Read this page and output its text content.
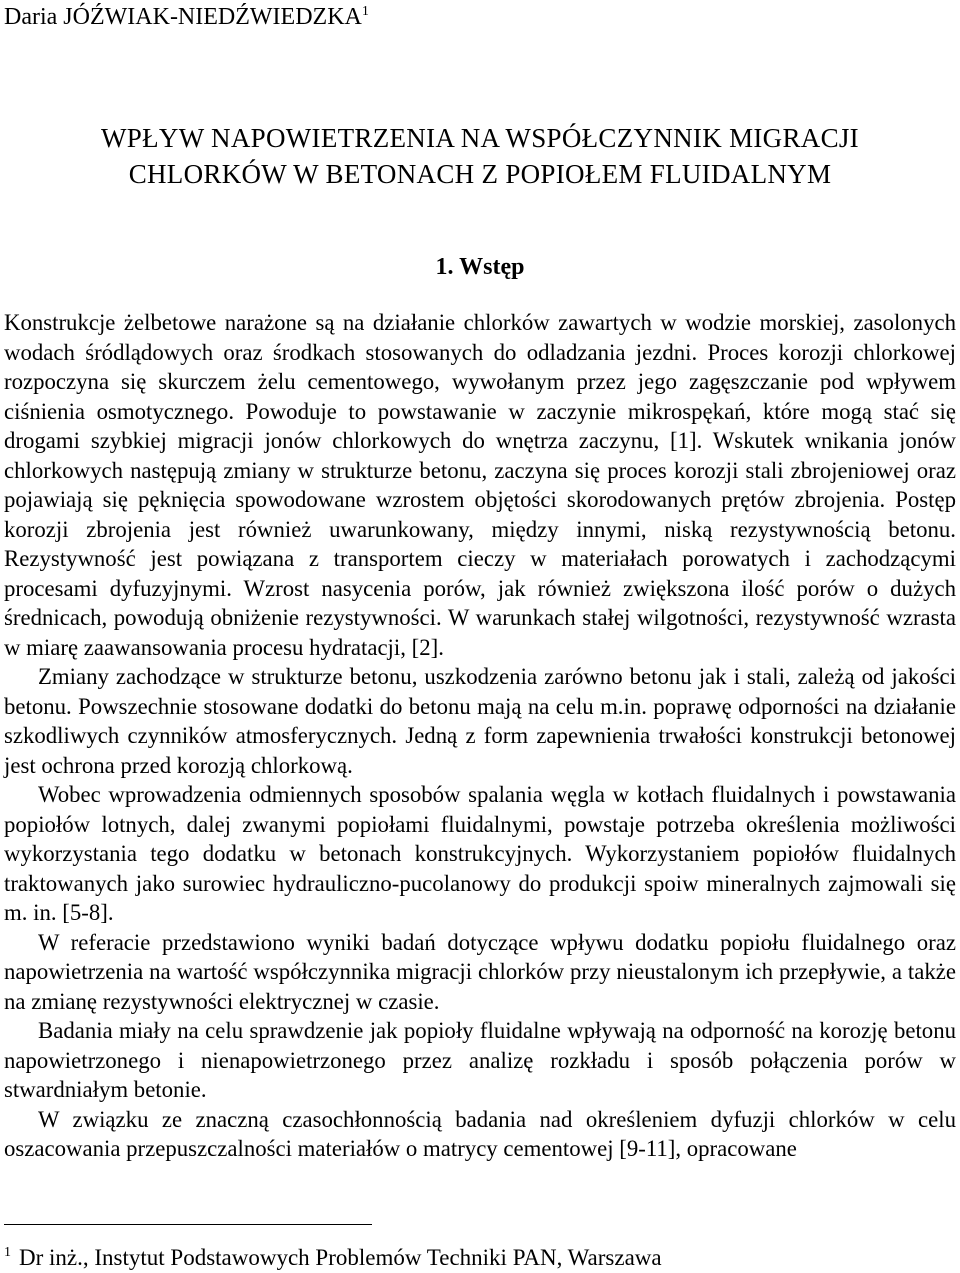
Daria JÓŹWIAK-NIEDŹWIEDZKA$^1$
WPŁYW NAPOWIETRZENIA NA WSPÓŁCZYNNIK MIGRACJI
CHLORKÓW W BETONACH Z POPIOŁEM FLUIDALNYM
1. Wstęp

Konstrukcje żelbetowe narażone są na działanie chlorków zawartych w wodzie morskiej, zasolonych wodach śródlądowych oraz środkach stosowanych do odladzania jezdni. Proces korozji chlorkowej rozpoczyna się skurczem żelu cementowego, wywołanym przez jego zagęszczanie pod wpływem ciśnienia osmotycznego. Powoduje to powstawanie w zaczynie mikrospękań, które mogą stać się drogami szybkiej migracji jonów chlorkowych do wnętrza zaczynu, [1]. Wskutek wnikania jonów chlorkowych następują zmiany w strukturze betonu, zaczyna się proces korozji stali zbrojeniowej oraz pojawiają się pęknięcia spowodowane wzrostem objętości skorodowanych prętów zbrojenia. Postęp korozji zbrojenia jest również uwarunkowany, między innymi, niską rezystywnością betonu. Rezystywność jest powiązana z transportem cieczy w materiałach porowatych i zachodzącymi procesami dyfuzyjnymi. Wzrost nasycenia porów, jak również zwiększona ilość porów o dużych średnicach, powodują obniżenie rezystywności. W warunkach stałej wilgotności, rezystywność wzrasta w miarę zaawansowania procesu hydratacji, [2].

Zmiany zachodzące w strukturze betonu, uszkodzenia zarówno betonu jak i stali, zależą od jakości betonu. Powszechnie stosowane dodatki do betonu mają na celu m.in. poprawę odporności na działanie szkodliwych czynników atmosferycznych. Jedną z form zapewnienia trwałości konstrukcji betonowej jest ochrona przed korozją chlorkową.

Wobec wprowadzenia odmiennych sposobów spalania węgla w kotłach fluidalnych i powstawania popiołów lotnych, dalej zwanymi popiołami fluidalnymi, powstaje potrzeba określenia możliwości wykorzystania tego dodatku w betonach konstrukcyjnych. Wykorzystaniem popiołów fluidalnych traktowanych jako surowiec hydrauliczno-pucolanowy do produkcji spoiw mineralnych zajmowali się m. in. [5-8].

W referacie przedstawiono wyniki badań dotyczące wpływu dodatku popiołu fluidalnego oraz napowietrzenia na wartość współczynnika migracji chlorków przy nieustalonym ich przepływie, a także na zmianę rezystywności elektrycznej w czasie.

Badania miały na celu sprawdzenie jak popioły fluidalne wpływają na odporność na korozję betonu napowietrzonego i nienapowietrzonego przez analizę rozkładu i sposób połączenia porów w stwardniałym betonie.

W związku ze znaczną czasochłonnością badania nad określeniem dyfuzji chlorków w celu oszacowania przepuszczalności materiałów o matrycy cementowej [9-11], opracowane

$^1$ Dr inż., Instytut Podstawowych Problemów Techniki PAN, Warszawa
